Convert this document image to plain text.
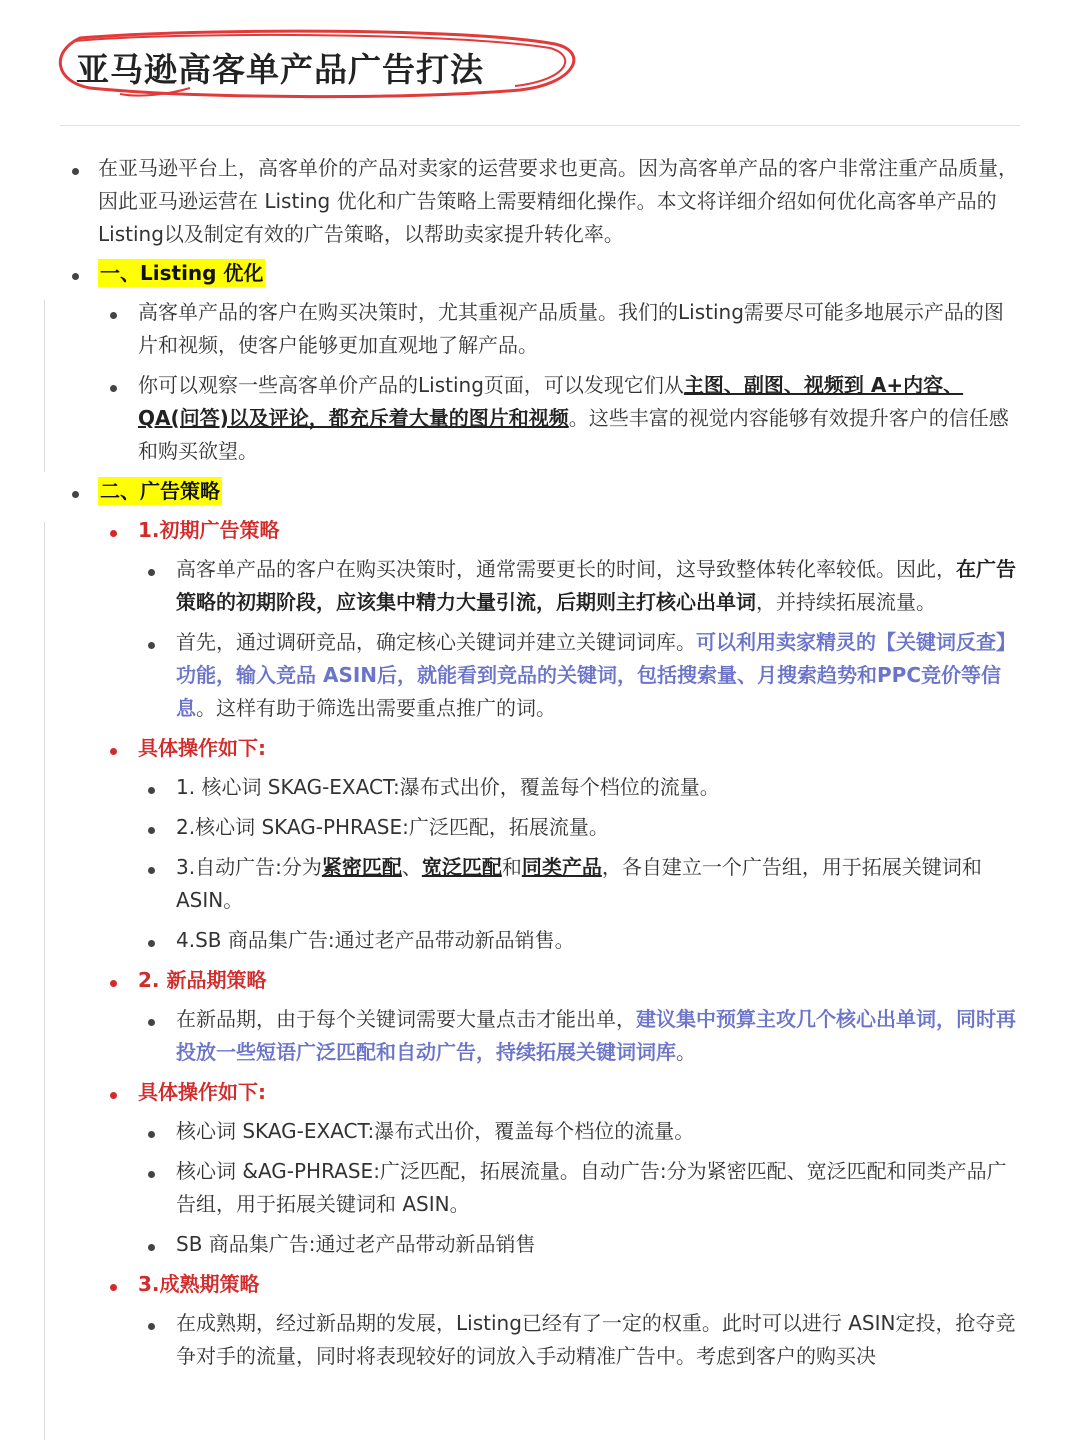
亚马逊高客单产品广告打法
在亚马逊平台上，高客单价的产品对卖家的运营要求也更高。因为高客单产品的客户非常注重产品质量，因此亚马逊运营在 Listing 优化和广告策略上需要精细化操作。本文将详细介绍如何优化高客单产品的Listing以及制定有效的广告策略，以帮助卖家提升转化率。
一、Listing 优化
高客单产品的客户在购买决策时，尤其重视产品质量。我们的Listing需要尽可能多地展示产品的图片和视频，使客户能够更加直观地了解产品。
你可以观察一些高客单价产品的Listing页面，可以发现它们从主图、副图、视频到 A+内容、QA(问答)以及评论，都充斥着大量的图片和视频。这些丰富的视觉内容能够有效提升客户的信任感和购买欲望。
二、广告策略
1.初期广告策略
高客单产品的客户在购买决策时，通常需要更长的时间，这导致整体转化率较低。因此，在广告策略的初期阶段，应该集中精力大量引流，后期则主打核心出单词，并持续拓展流量。
首先，通过调研竞品，确定核心关键词并建立关键词词库。可以利用卖家精灵的【关键词反查】功能，输入竞品 ASIN后，就能看到竞品的关键词，包括搜索量、月搜索趋势和PPC竞价等信息。这样有助于筛选出需要重点推广的词。
具体操作如下:
1. 核心词 SKAG-EXACT:瀑布式出价，覆盖每个档位的流量。
2.核心词 SKAG-PHRASE:广泛匹配，拓展流量。
3.自动广告:分为紧密匹配、宽泛匹配和同类产品，各自建立一个广告组，用于拓展关键词和 ASIN。
4.SB 商品集广告:通过老产品带动新品销售。
2. 新品期策略
在新品期，由于每个关键词需要大量点击才能出单，建议集中预算主攻几个核心出单词，同时再投放一些短语广泛匹配和自动广告，持续拓展关键词词库。
具体操作如下:
核心词 SKAG-EXACT:瀑布式出价，覆盖每个档位的流量。
核心词 &AG-PHRASE:广泛匹配，拓展流量。自动广告:分为紧密匹配、宽泛匹配和同类产品广告组，用于拓展关键词和 ASIN。
SB 商品集广告:通过老产品带动新品销售
3.成熟期策略
在成熟期，经过新品期的发展，Listing已经有了一定的权重。此时可以进行 ASIN定投，抢夺竞争对手的流量，同时将表现较好的词放入手动精准广告中。考虑到客户的购买决
